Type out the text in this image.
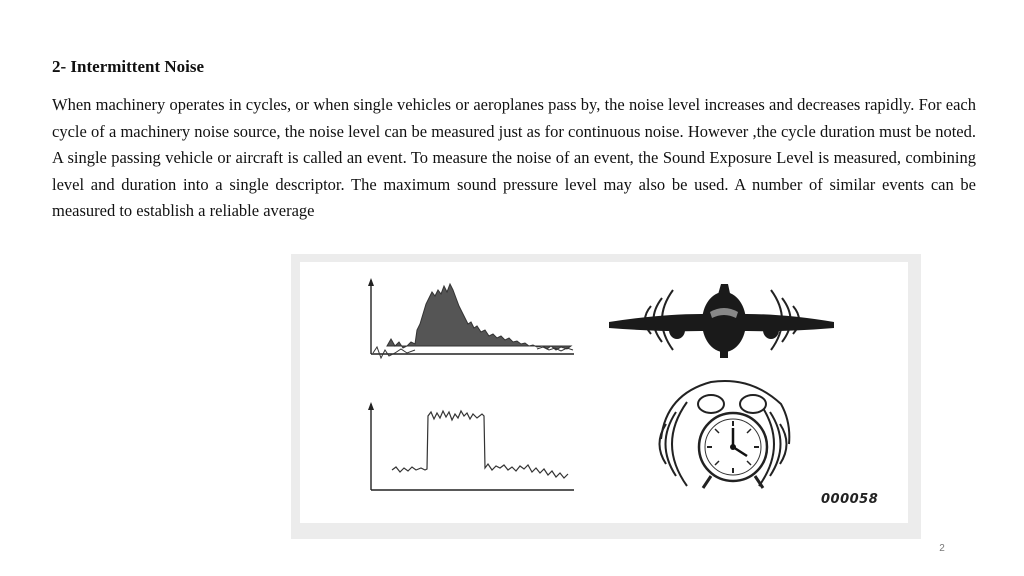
2- Intermittent Noise

When machinery operates in cycles, or when single vehicles or aeroplanes pass by, the noise level increases and decreases rapidly. For each cycle of a machinery noise source, the noise level can be measured just as for continuous noise. However ,the cycle duration must be noted. A single passing vehicle or aircraft is called an event. To measure the noise of an event, the Sound Exposure Level is measured, combining level and duration into a single descriptor. The maximum sound pressure level may also be used. A number of similar events can be measured to establish a reliable average

000058
2
